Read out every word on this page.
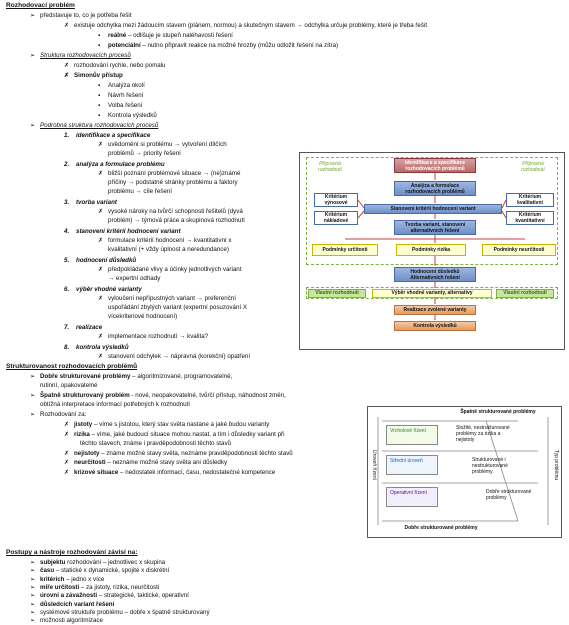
Rozhodovací problém
➢ představuje to, co je potřeba řešit
✗ existuje odchylka mezi žádoucím stavem (plánem, normou) a skutečným stavem → odchylka určuje problémy, které je třeba řešit
▪ reálné – odlišuje je stupeň naléhavosti řešení
▪ potenciální – nutno připravit reakce na možné hrozby (můžu odložit řešení na zítra)
➢ Struktura rozhodovacích procesů
✗ rozhodování rychle, nebo pomalu
✗ Simonův přístup
▪ Analýza okolí
▪ Návrh řešení
▪ Volba řešení
▪ Kontrola výsledků
➢ Podrobná struktura rozhodovacích procesů
1. identifikace a specifikace
✗ uvědomění si problému → vytvoření dílčích
problémů → priority řešení
2. analýza a formulace problému
✗ bližší poznání problémové situace → (ne)známé
příčiny → podstatné stránky problému a faktory
problému → cíle řešení
3. tvorba variant
✗ vysoké nároky na tvůrčí schopnosti řešitelů (dyvá
problém) → týmová práce a skupinová rozhodnutí
4. stanovení kritérií hodnocení variant
✗ formulace kritérií hodnocení → kvantitativní x
kvalitativní (+ vždy úplnost a neredundance)
5. hodnocení důsledků
✗ předpokládané vlivy a účinky jednotlivých variant
→ expertní odhady
6. výběr vhodné varianty
✗ vyloučení nepřípustných variant → preferenční
uspořádání zbylých variant (expertní posuzování X
vícekriteriové hodnocení)
7. realizace
✗ implementace rozhodnutí → kvalita?
8. kontrola výsledků
✗ stanovení odchylek → nápravná (korekční) opatření
Přípravná rozhodnutí
Přípravná rozhodnutí
Identifikace a specifikace rozhodovacích problémů
Analýza a formulace rozhodovacích problémů
Kritérium výnosové
Kritérium nákladové
Kritérium kvalitativní
Kritérium kvantitativní
Stanovení kritérií hodnocení variant
Tvorba variant, stanovení alternativních řešení
Podmínky určitosti	Podmínky rizika	Podmínky neurčitosti
Hodnocení důsledků Alternativních řešení
Vlastní rozhodnutí	Vlastní rozhodnutí
Výběr vhodné varianty, alternativy
Realizace zvolené varianty
Kontrola výsledků
Strukturovanost rozhodovacích problémů
➢ Dobře strukturované problémy – algoritmizované, programovatelné,
rutinní, opakovatelné
➢ Špatně strukturovaný problém - nové, neopakovatelné, tvůrčí přístup, náhodnost změn,
obtížná interpretace informací potřebných k rozhodnutí
➢ Rozhodování za:
✗ jistoty – víme s jistotou, který stav světa nastane a jaké budou varianty
✗ rizika – víme, jaké budoucí situace mohou nastat, a tím i důsledky variant při
těchto stavech, známe i pravděpodobnosti těchto stavů
✗ nejistoty – známe možné stavy světa, neznáme pravděpodobnosti těchto stavů
✗ neurčitosti – neznáme možné stavy světa ani důsledky
✗ krizové situace – nedostatek informací, času, nedostatečné kompetence
Špatně strukturované problémy
Dobře strukturované problémy
Úroveň řízení	Typ problému
Vrcholové řízení
Střední úroveň
Operativní řízení
Složité, nestrukturované problémy za rizika a nejistoty
Strukturované i nestrukturované problémy
Dobře strukturované problémy
Postupy a nástroje rozhodování závisí na:
➢ subjektu rozhodování – jednotlivec x skupina
➢ času – statické x dynamické, spojité x diskrétní
➢ kritérích – jedno x více
➢ míře určitosti – za jistoty, rizika, neurčitosti
➢ úrovni a závažnosti – strategické, taktické, operativní
➢ důsledcích variant řešení
➢ systémové struktuře problému – dobře x špatně strukturovaný
➢ možnosti algoritmizace
